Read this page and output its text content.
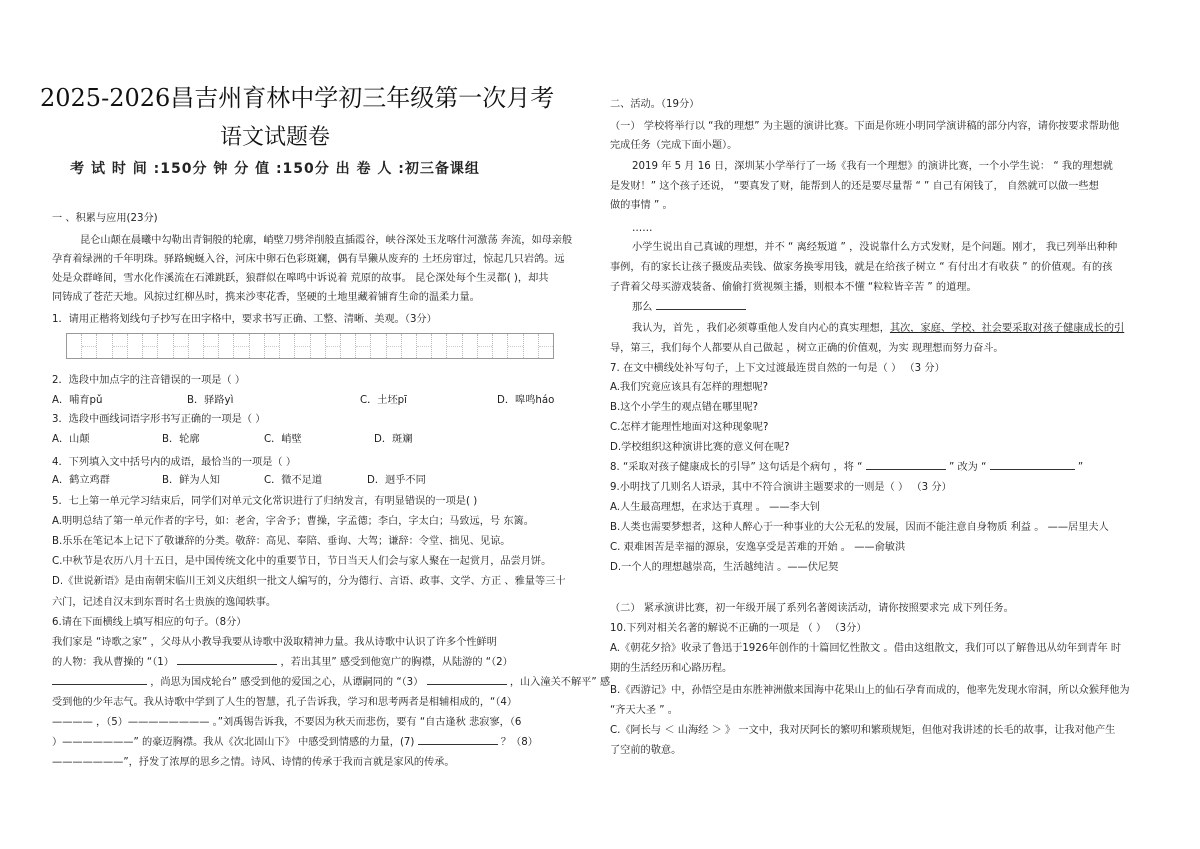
2025-2026昌吉州育林中学初三年级第一次月考
语文试题卷
考 试 时 间 :150分 钟 分 值 :150分 出 卷 人 :初三备课组
一 、积累与应用(23分)
昆仑山颠在晨曦中勾勒出青铜般的轮廓，峭壁刀劈斧削般直插霞谷，峡谷深处玉龙喀什河激荡 奔流，如母亲般
孕育着绿洲的千年明珠。驿路蜿蜒入谷，河床中卵石色彩斑斓，偶有旱獭从废弃的 土坯房窜过，惊起几只岩鸽。远
处是众群峰间，雪水化作溪流在石滩跳跃，狼群似在嗥鸣中诉说着 荒原的故事。 昆仑深处每个生灵都( )，却共
同铸成了苍茫天地。风掠过红柳丛时，携来沙枣花香，坚硬的土地里藏着铺育生命的温柔力量。
1．请用正楷将划线句子抄写在田字格中，要求书写正确、工整、清晰、美观。（3分）
2．选段中加点字的注音错误的一项是（ ）
A．哺育pǔ	B．驿路yì	C．土坯pī	D．嗥鸣háo
3．选段中画线词语字形书写正确的一项是（ ）
A．山颠	B．轮廓	C．峭壁	D．斑斓
4．下列填入文中括号内的成语，最恰当的一项是（ ）
A．鹤立鸡群	B．鲜为人知	C．微不足道	D．迥乎不同
5．七上第一单元学习结束后，同学们对单元文化常识进行了归纳发言，有明显错误的一项是( )
A.明明总结了第一单元作者的字号，如：老舍，字舍予；曹操，字孟德；李白，字太白；马致远，号 东篱。
B.乐乐在笔记本上记下了敬谦辞的分类。敬辞：高见、奉陪、垂询、大驾；谦辞：令堂、拙见、见谅。
C.中秋节是农历八月十五日，是中国传统文化中的重要节日，节日当天人们会与家人聚在一起赏月，品尝月饼。
D.《世说新语》是由南朝宋临川王刘义庆组织一批文人编写的，分为德行、言语、政事、文学、方正 、雅量等三十
六门，记述自汉末到东晋时名士贵族的逸闻轶事。
6.请在下面横线上填写相应的句子。（8分）
我们家是 “诗歌之家” ，父母从小教导我要从诗歌中汲取精神力量。我从诗歌中认识了许多个性鲜明
的人物：我从曹操的 “（1）	，若出其里” 感受到他宽广的胸襟，从陆游的 “（2）
，尚思为国戍轮台” 感受到他的爱国之心，从谭嗣同的 “（3）	，山入潼关不解平” 感
受到他的少年志气。我从诗歌中学到了人生的智慧，孔子告诉我，学习和思考两者是相辅相成的，“（4）
———— ，（5）———————— 。”刘禹锡告诉我，不要因为秋天而悲伤，要有 “自古逢秋 悲寂寥，（6
）———————” 的豪迈胸襟。我从《次北固山下》 中感受到情感的力量，(7)	？（8）
———————”，抒发了浓厚的思乡之情。诗风、诗情的传承于我而言就是家风的传承。
二、活动。（19分）
（一） 学校将举行以 “我的理想” 为主题的演讲比赛。下面是你班小明同学演讲稿的部分内容，请你按要求帮助他
完成任务（完成下面小题）。
2019 年 5 月 16 日，深圳某小学举行了一场《我有一个理想》的演讲比赛，一个小学生说： “ 我的理想就
是发财！” 这个孩子还说， “要真发了财，能帮到人的还是要尽量帮 “ ” 自己有闲钱了， 自然就可以做一些想
做的事情 ” 。
……
小学生说出自己真诚的理想，并不 “ 离经叛道 ” ，没说靠什么方式发财，是个问题。刚才， 我已列举出种种
事例，有的家长让孩子摄废品卖钱、做家务换零用钱，就是在给孩子树立 “ 有付出才有收获 ” 的价值观。有的孩
子背着父母买游戏装备、偷偷打赏视频主播，则根本不懂 “粒粒皆辛苦 ” 的道理。
那么
我认为，首先 ，我们必须尊重他人发自内心的真实理想，其次，家庭、学校、社会要采取对孩子健康成长的引
导，第三，我们每个人都要从自己做起 ，树立正确的价值观，为实 现理想而努力奋斗。
7. 在文中横线处补写句子，上下文过渡最连贯自然的一句是（ ） （3 分）
A.我们究竟应该具有怎样的理想呢?
B.这个小学生的观点错在哪里呢?
C.怎样才能理性地面对这种现象呢?
D.学校组织这种演讲比赛的意义何在呢?
8. “采取对孩子健康成长的引导” 这句话是个病句 ，将 “	” 改为 “	”
9.小明找了几则名人语录，其中不符合演讲主题要求的一则是（ ） （3 分）
A.人生最高理想，在求达于真理 。 ——李大钊
B.人类也需要梦想者，这种人醉心于一种事业的大公无私的发展，因而不能注意自身物质 利益 。 ——居里夫人
C. 艰难困苦是幸福的源泉，安逸享受是苦难的开始 。 ——俞敏洪
D.一个人的理想越崇高，生活越纯洁 。——伏尼契
（二） 紧承演讲比赛，初一年级开展了系列名著阅读活动，请你按照要求完 成下列任务。
10.下列对相关名著的解说不正确的一项是 （ ） （3分）
A.《朝花夕拾》收录了鲁迅于1926年创作的十篇回忆性散文 。借由这组散文，我们可以了解鲁迅从幼年到青年 时
期的生活经历和心路历程。
B.《西游记》中，孙悟空是由东胜神洲傲来国海中花果山上的仙石孕育而成的，他率先发现水帘洞，所以众猴拜他为
“齐天大圣 ” 。
C.《阿长与 ＜ 山海经 ＞ 》 一文中，我对厌阿长的繁叨和繁琐规矩，但他对我讲述的长毛的故事，让我对他产生
了空前的敬意。
